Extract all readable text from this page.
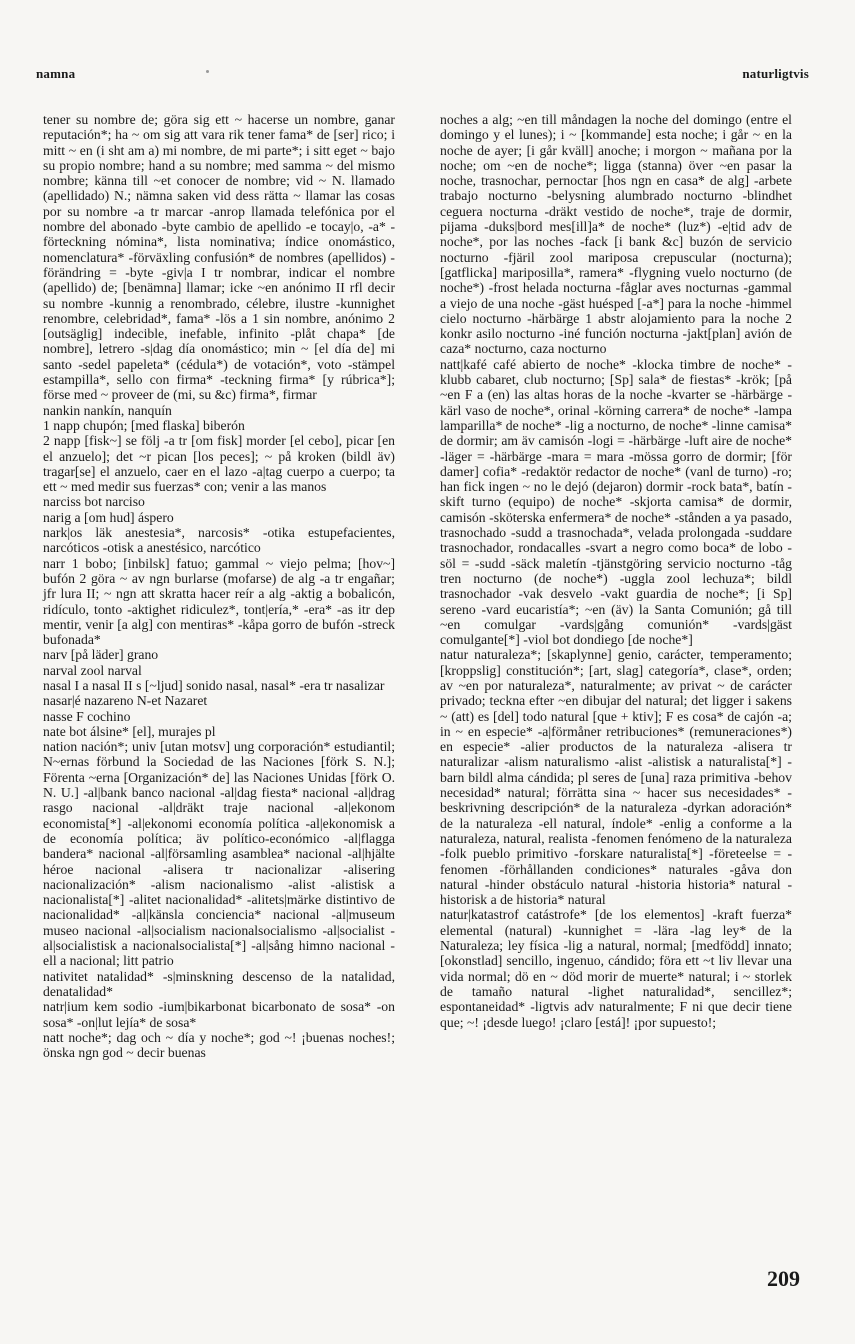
namna	naturligtvis

tener su nombre de; göra sig ett ~ hacerse un nombre, ganar reputación*; ha ~ om sig att vara rik tener fama* de [ser] rico; i mitt ~ en (i sht am a) mi nombre, de mi parte*; i sitt eget ~ bajo su propio nombre; hand a su nombre; med samma ~ del mismo nombre; känna till ~et conocer de nombre; vid ~ N. llamado (apellidado) N.; nämna saken vid dess rätta ~ llamar las cosas por su nombre -a tr marcar -anrop llamada telefónica por el nombre del abonado -byte cambio de apellido -e tocay|o, -a* -förteckning nómina*, lista nominativa; índice onomástico, nomenclatura* -förväxling confusión* de nombres (apellidos) -förändring = -byte -giv|a I tr nombrar, indicar el nombre (apellido) de; [benämna] llamar; icke ~en anónimo II rfl decir su nombre -kunnig a renombrado, célebre, ilustre -kunnighet renombre, celebridad*, fama* -lös a 1 sin nombre, anónimo 2 [outsäglig] indecible, inefable, infinito -plåt chapa* [de nombre], letrero -s|dag día onomástico; min ~ [el día de] mi santo -sedel papeleta* (cédula*) de votación*, voto -stämpel estampilla*, sello con firma* -teckning firma* [y rúbrica*]; förse med ~ proveer de (mi, su &c) firma*, firmar

nankin nankín, nanquín

1 napp chupón; [med flaska] biberón

2 napp [fisk~] se följ -a tr [om fisk] morder [el cebo], picar [en el anzuelo]; det ~r pican [los peces]; ~ på kroken (bildl äv) tragar[se] el anzuelo, caer en el lazo -a|tag cuerpo a cuerpo; ta ett ~ med medir sus fuerzas* con; venir a las manos

narciss bot narciso

narig a [om hud] áspero

nark|os läk anestesia*, narcosis* -otika estupefacientes, narcóticos -otisk a anestésico, narcótico

narr 1 bobo; [inbilsk] fatuo; gammal ~ viejo pelma; [hov~] bufón 2 göra ~ av ngn burlarse (mofarse) de alg -a tr engañar; jfr lura II; ~ ngn att skratta hacer reír a alg -aktig a bobalicón, ridículo, tonto -aktighet ridiculez*, tont|ería,* -era* -as itr dep mentir, venir [a alg] con mentiras* -kåpa gorro de bufón -streck bufonada*

narv [på läder] grano

narval zool narval

nasal I a nasal II s [~ljud] sonido nasal, nasal* -era tr nasalizar

nasar|é nazareno N-et Nazaret

nasse F cochino

nate bot álsine* [el], murajes pl

nation nación*; univ [utan motsv] ung corporación* estudiantil; N~ernas förbund la Sociedad de las Naciones [förk S. N.]; Förenta ~erna [Organización* de] las Naciones Unidas [förk O. N. U.] -al|bank banco nacional -al|dag fiesta* nacional -al|drag rasgo nacional -al|dräkt traje nacional -al|ekonom economista[*] -al|ekonomi economía política -al|ekonomisk a de economía política; äv político-económico -al|flagga bandera* nacional -al|församling asamblea* nacional -al|hjälte héroe nacional -alisera tr nacionalizar -alisering nacionalización* -alism nacionalismo -alist -alistisk a nacionalista[*] -alitet nacionalidad* -alitets|märke distintivo de nacionalidad* -al|känsla conciencia* nacional -al|museum museo nacional -al|socialism nacionalsocialismo -al|socialist -al|socialistisk a nacionalsocialista[*] -al|sång himno nacional -ell a nacional; litt patrio

nativitet natalidad* -s|minskning descenso de la natalidad, denatalidad*

natr|ium kem sodio -ium|bikarbonat bicarbonato de sosa* -on sosa* -on|lut lejía* de sosa*

natt noche*; dag och ~ día y noche*; god ~! ¡buenas noches!; önska ngn god ~ decir buenas

noches a alg; ~en till måndagen la noche del domingo (entre el domingo y el lunes); i ~ [kommande] esta noche; i går ~ en la noche de ayer; [i går kväll] anoche; i morgon ~ mañana por la noche; om ~en de noche*; ligga (stanna) över ~en pasar la noche, trasnochar, pernoctar [hos ngn en casa* de alg] -arbete trabajo nocturno -belysning alumbrado nocturno -blindhet ceguera nocturna -dräkt vestido de noche*, traje de dormir, pijama -duks|bord mes[ill]a* de noche* (luz*) -e|tid adv de noche*, por las noches -fack [i bank &c] buzón de servicio nocturno -fjäril zool mariposa crepuscular (nocturna); [gatflicka] mariposilla*, ramera* -flygning vuelo nocturno (de noche*) -frost helada nocturna -fåglar aves nocturnas -gammal a viejo de una noche -gäst huésped [-a*] para la noche -himmel cielo nocturno -härbärge 1 abstr alojamiento para la noche 2 konkr asilo nocturno -iné función nocturna -jakt[plan] avión de caza* nocturno, caza nocturno

natt|kafé café abierto de noche* -klocka timbre de noche* -klubb cabaret, club nocturno; [Sp] sala* de fiestas* -krök; [på ~en F a (en) las altas horas de la noche -kvarter se -härbärge -kärl vaso de noche*, orinal -körning carrera* de noche* -lampa lamparilla* de noche* -lig a nocturno, de noche* -linne camisa* de dormir; am äv camisón -logi = -härbärge -luft aire de noche* -läger = -härbärge -mara = mara -mössa gorro de dormir; [för damer] cofia* -redaktör redactor de noche* (vanl de turno) -ro; han fick ingen ~ no le dejó (dejaron) dormir -rock bata*, batín -skift turno (equipo) de noche* -skjorta camisa* de dormir, camisón -sköterska enfermera* de noche* -stånden a ya pasado, trasnochado -sudd a trasnochada*, velada prolongada -suddare trasnochador, rondacalles -svart a negro como boca* de lobo -söl = -sudd -säck maletín -tjänstgöring servicio nocturno -tåg tren nocturno (de noche*) -uggla zool lechuza*; bildl trasnochador -vak desvelo -vakt guardia de noche*; [i Sp] sereno -vard eucaristía*; ~en (äv) la Santa Comunión; gå till ~en comulgar -vards|gång comunión* -vards|gäst comulgante[*] -viol bot dondiego [de noche*]

natur naturaleza*; [skaplynne] genio, carácter, temperamento; [kroppslig] constitución*; [art, slag] categoría*, clase*, orden; av ~en por naturaleza*, naturalmente; av privat ~ de carácter privado; teckna efter ~en dibujar del natural; det ligger i sakens ~ (att) es [del] todo natural [que + ktiv]; F es cosa* de cajón -a; in ~ en especie* -a|förmåner retribuciones* (remuneraciones*) en especie* -alier productos de la naturaleza -alisera tr naturalizar -alism naturalismo -alist -alistisk a naturalista[*] -barn bildl alma cándida; pl seres de [una] raza primitiva -behov necesidad* natural; förrätta sina ~ hacer sus necesidades* -beskrivning descripción* de la naturaleza -dyrkan adoración* de la naturaleza -ell natural, índole* -enlig a conforme a la naturaleza, natural, realista -fenomen fenómeno de la naturaleza -folk pueblo primitivo -forskare naturalista[*] -företeelse = -fenomen -förhållanden condiciones* naturales -gåva don natural -hinder obstáculo natural -historia historia* natural -historisk a de historia* natural

natur|katastrof catástrofe* [de los elementos] -kraft fuerza* elemental (natural) -kunnighet = -lära -lag ley* de la Naturaleza; ley física -lig a natural, normal; [medfödd] innato; [okonstlad] sencillo, ingenuo, cándido; föra ett ~t liv llevar una vida normal; dö en ~ död morir de muerte* natural; i ~ storlek de tamaño natural -lighet naturalidad*, sencillez*; espontaneidad* -ligtvis adv naturalmente; F ni que decir tiene que; ~! ¡desde luego! ¡claro [está]! ¡por supuesto!;

209
